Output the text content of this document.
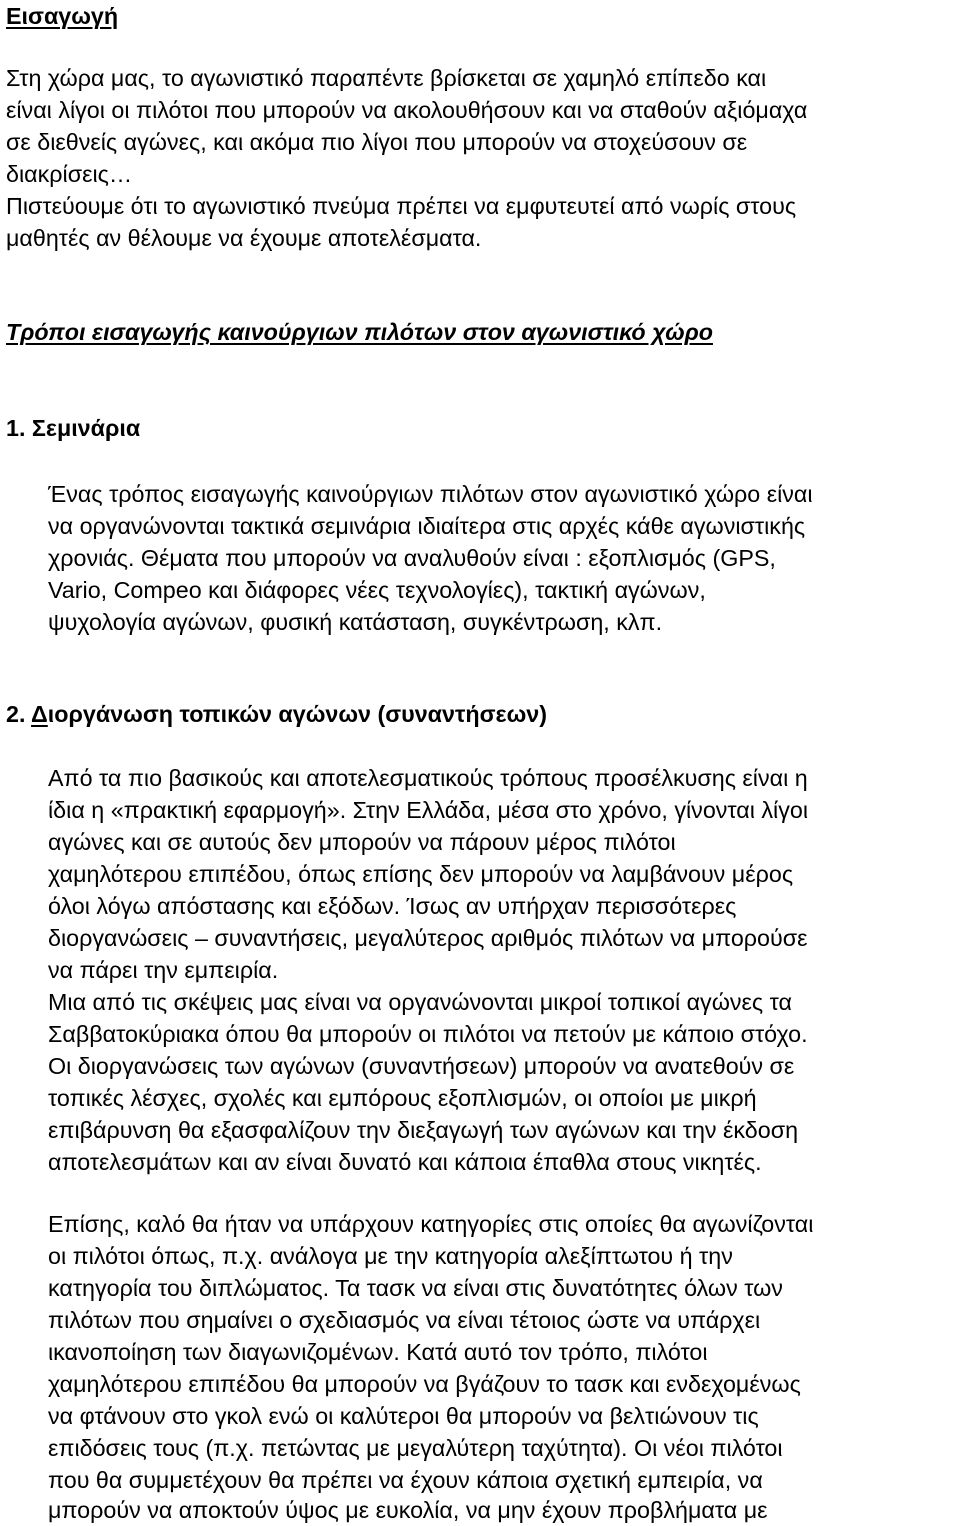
Εισαγωγή
Στη χώρα μας, το αγωνιστικό παραπέντε βρίσκεται σε χαμηλό επίπεδο και
είναι λίγοι οι πιλότοι που μπορούν να ακολουθήσουν και να σταθούν αξιόμαχα
σε διεθνείς αγώνες, και ακόμα πιο λίγοι που μπορούν να στοχεύσουν σε
διακρίσεις…
Πιστεύουμε ότι το αγωνιστικό πνεύμα πρέπει να εμφυτευτεί από νωρίς στους
μαθητές αν θέλουμε να έχουμε αποτελέσματα.
Τρόποι εισαγωγής καινούργιων πιλότων στον αγωνιστικό χώρο
1. Σεμινάρια
Ένας τρόπος εισαγωγής καινούργιων πιλότων στον αγωνιστικό χώρο είναι
να οργανώνονται τακτικά σεμινάρια ιδιαίτερα στις αρχές κάθε αγωνιστικής
χρονιάς. Θέματα που μπορούν να αναλυθούν είναι : εξοπλισμός (GPS,
Vario, Compeo και διάφορες νέες τεχνολογίες), τακτική αγώνων,
ψυχολογία αγώνων, φυσική κατάσταση, συγκέντρωση, κλπ.
2. Διοργάνωση τοπικών αγώνων (συναντήσεων)
Από τα πιο βασικούς και αποτελεσματικούς τρόπους προσέλκυσης είναι η
ίδια η «πρακτική εφαρμογή». Στην Ελλάδα, μέσα στο χρόνο, γίνονται λίγοι
αγώνες και σε αυτούς δεν μπορούν να πάρουν μέρος πιλότοι
χαμηλότερου επιπέδου, όπως επίσης δεν μπορούν να λαμβάνουν μέρος
όλοι λόγω απόστασης και εξόδων. Ίσως αν υπήρχαν περισσότερες
διοργανώσεις – συναντήσεις, μεγαλύτερος αριθμός πιλότων να μπορούσε
να πάρει την εμπειρία.
Μια από τις σκέψεις μας είναι να οργανώνονται μικροί τοπικοί αγώνες τα
Σαββατοκύριακα όπου θα μπορούν οι πιλότοι να πετούν με κάποιο στόχο.
Οι διοργανώσεις των αγώνων (συναντήσεων) μπορούν να ανατεθούν σε
τοπικές λέσχες, σχολές και εμπόρους εξοπλισμών, οι οποίοι με μικρή
επιβάρυνση θα εξασφαλίζουν την διεξαγωγή των αγώνων και την έκδοση
αποτελεσμάτων και αν είναι δυνατό και κάποια έπαθλα στους νικητές.
Επίσης, καλό θα ήταν να υπάρχουν κατηγορίες στις οποίες θα αγωνίζονται
οι πιλότοι όπως, π.χ. ανάλογα με την κατηγορία αλεξίπτωτου ή την
κατηγορία του διπλώματος. Τα τασκ να είναι στις δυνατότητες όλων των
πιλότων που σημαίνει ο σχεδιασμός να είναι τέτοιος ώστε να υπάρχει
ικανοποίηση των διαγωνιζομένων. Κατά αυτό τον τρόπο, πιλότοι
χαμηλότερου επιπέδου θα μπορούν να βγάζουν το τασκ και ενδεχομένως
να φτάνουν στο γκολ ενώ οι καλύτεροι θα μπορούν να βελτιώνουν τις
επιδόσεις τους (π.χ. πετώντας με μεγαλύτερη ταχύτητα). Οι νέοι πιλότοι
που θα συμμετέχουν θα πρέπει να έχουν κάποια σχετική εμπειρία, να
μπορούν να αποκτούν ύψος με ευκολία, να μην έχουν προβλήματα με
